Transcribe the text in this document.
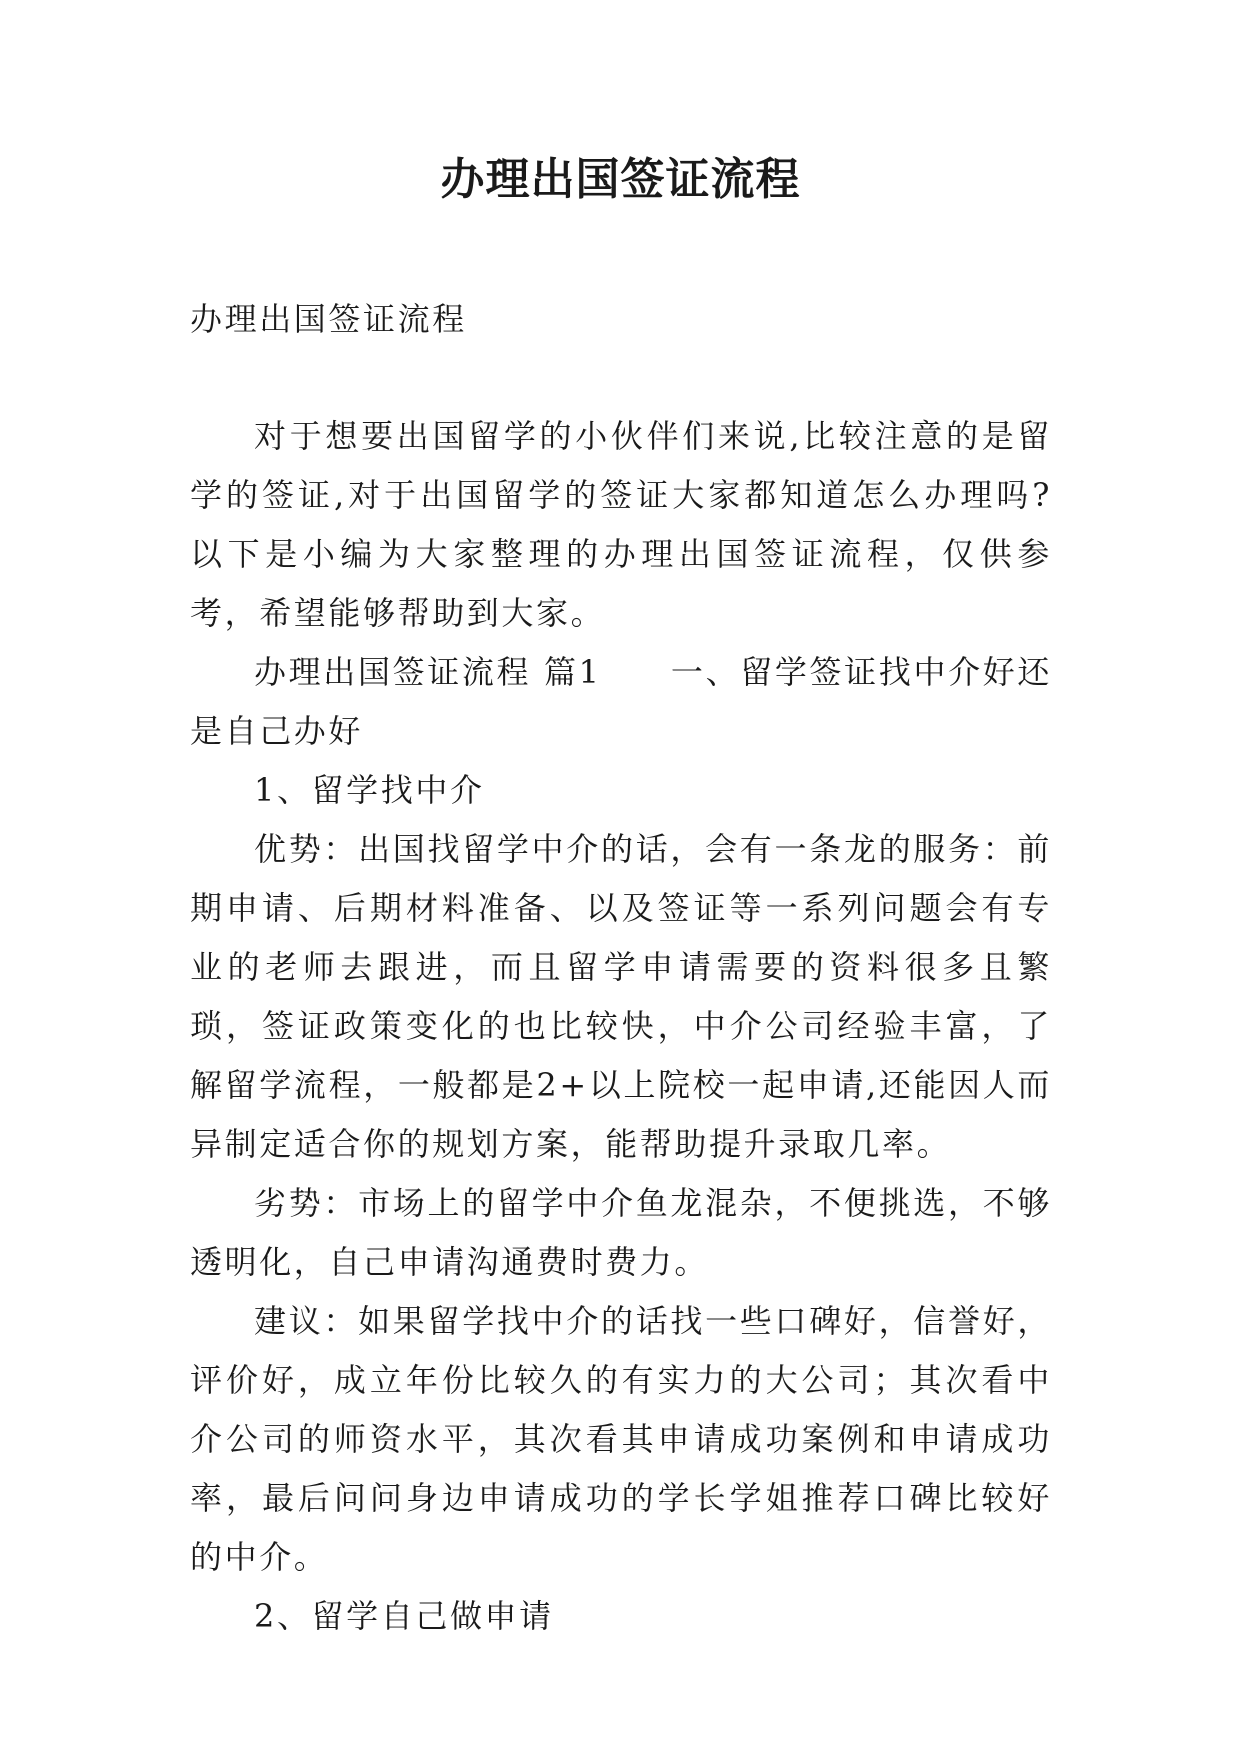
办理出国签证流程

办理出国签证流程

对于想要出国留学的小伙伴们来说,比较注意的是留学的签证,对于出国留学的签证大家都知道怎么办理吗?以下是小编为大家整理的办理出国签证流程，仅供参考，希望能够帮助到大家。

办理出国签证流程 篇1　　一、留学签证找中介好还是自己办好

1、留学找中介

优势：出国找留学中介的话，会有一条龙的服务：前期申请、后期材料准备、以及签证等一系列问题会有专业的老师去跟进，而且留学申请需要的资料很多且繁琐，签证政策变化的也比较快，中介公司经验丰富，了解留学流程，一般都是2+以上院校一起申请,还能因人而异制定适合你的规划方案，能帮助提升录取几率。

劣势：市场上的留学中介鱼龙混杂，不便挑选，不够透明化，自己申请沟通费时费力。

建议：如果留学找中介的话找一些口碑好，信誉好，评价好，成立年份比较久的有实力的大公司；其次看中介公司的师资水平，其次看其申请成功案例和申请成功率，最后问问身边申请成功的学长学姐推荐口碑比较好的中介。

2、留学自己做申请
